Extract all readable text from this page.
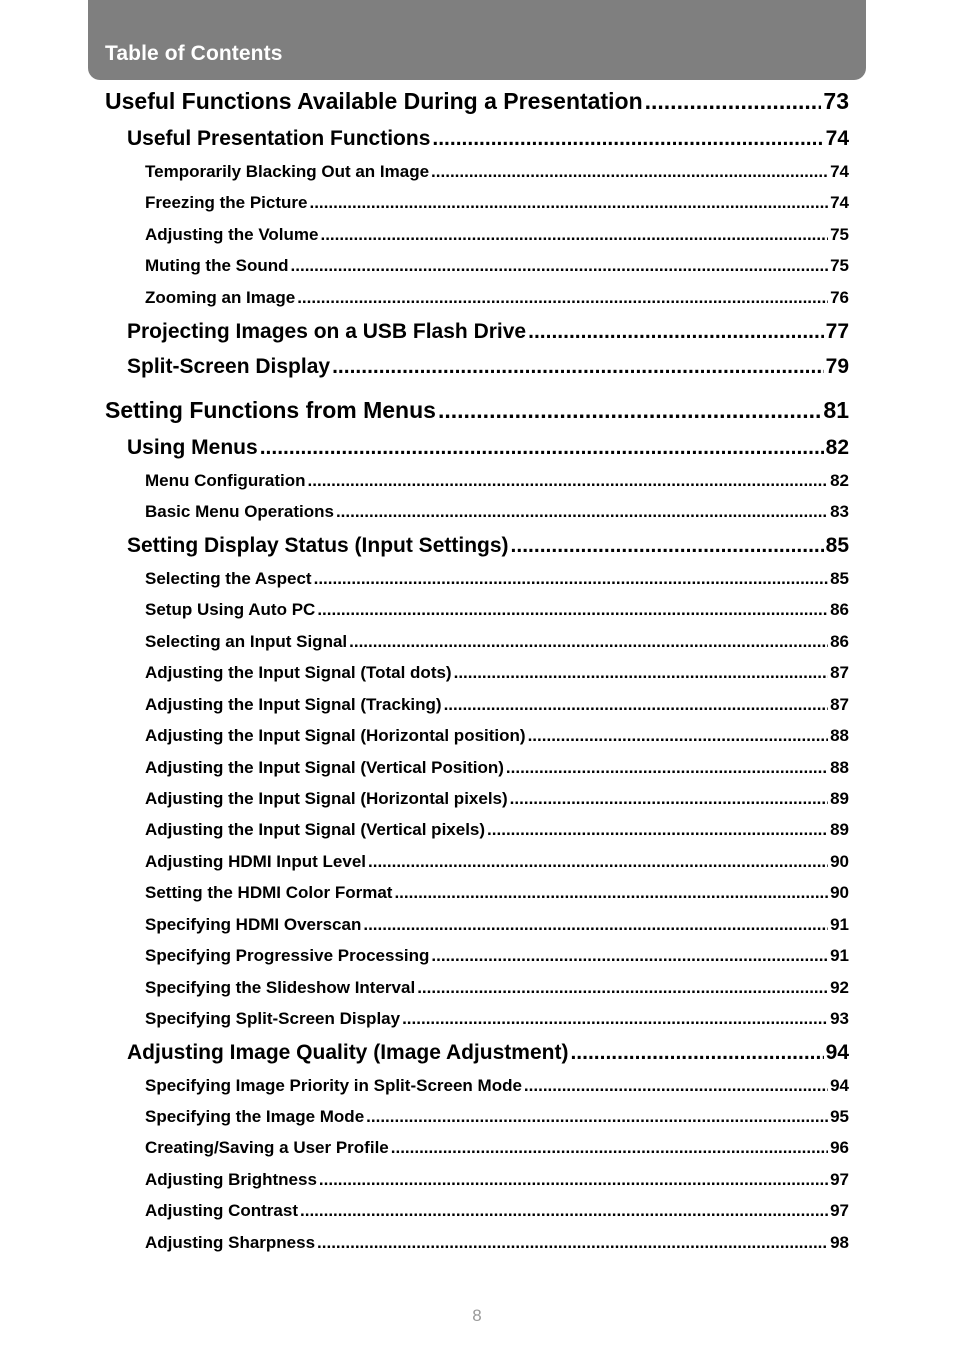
Table of Contents
Useful Functions Available During a Presentation .....	73
Useful Presentation Functions .....	74
Temporarily Blacking Out an Image .....	74
Freezing the Picture .....	74
Adjusting the Volume .....	75
Muting the Sound .....	75
Zooming an Image .....	76
Projecting Images on a USB Flash Drive .....	77
Split-Screen Display .....	79
Setting Functions from Menus .....	81
Using Menus .....	82
Menu Configuration .....	82
Basic Menu Operations .....	83
Setting Display Status (Input Settings) .....	85
Selecting the Aspect .....	85
Setup Using Auto PC .....	86
Selecting an Input Signal .....	86
Adjusting the Input Signal (Total dots) .....	87
Adjusting the Input Signal (Tracking) .....	87
Adjusting the Input Signal (Horizontal position) .....	88
Adjusting the Input Signal (Vertical Position) .....	88
Adjusting the Input Signal (Horizontal pixels) .....	89
Adjusting the Input Signal (Vertical pixels) .....	89
Adjusting HDMI Input Level .....	90
Setting the HDMI Color Format .....	90
Specifying HDMI Overscan .....	91
Specifying Progressive Processing .....	91
Specifying the Slideshow Interval .....	92
Specifying Split-Screen Display .....	93
Adjusting Image Quality (Image Adjustment) .....	94
Specifying Image Priority in Split-Screen Mode .....	94
Specifying the Image Mode .....	95
Creating/Saving a User Profile .....	96
Adjusting Brightness .....	97
Adjusting Contrast .....	97
Adjusting Sharpness .....	98
8
